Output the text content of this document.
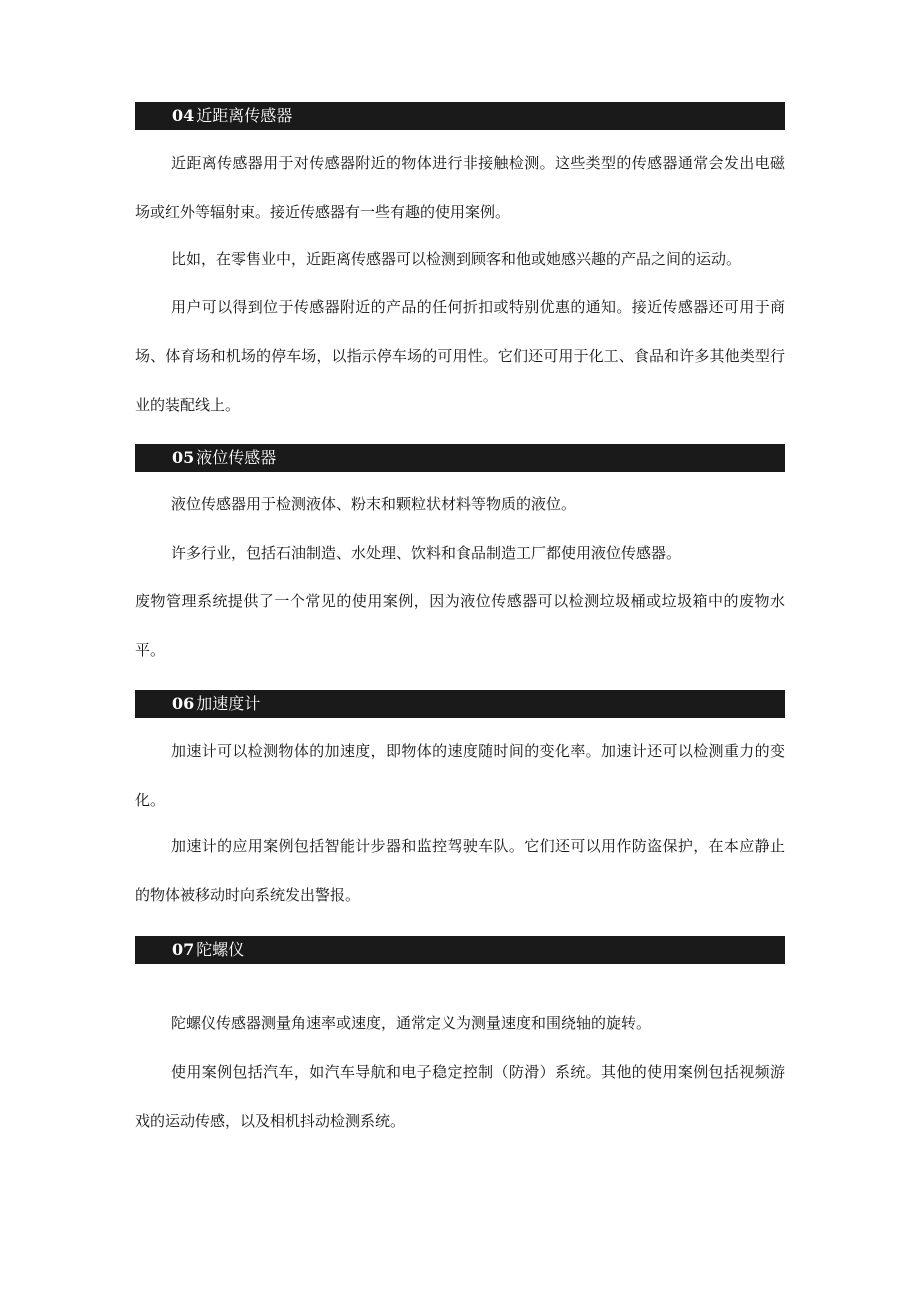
04 近距离传感器

近距离传感器用于对传感器附近的物体进行非接触检测。这些类型的传感器通常会发出电磁场或红外等辐射束。接近传感器有一些有趣的使用案例。

比如，在零售业中，近距离传感器可以检测到顾客和他或她感兴趣的产品之间的运动。

用户可以得到位于传感器附近的产品的任何折扣或特别优惠的通知。接近传感器还可用于商场、体育场和机场的停车场，以指示停车场的可用性。它们还可用于化工、食品和许多其他类型行业的装配线上。

05 液位传感器

液位传感器用于检测液体、粉末和颗粒状材料等物质的液位。

许多行业，包括石油制造、水处理、饮料和食品制造工厂都使用液位传感器。

废物管理系统提供了一个常见的使用案例，因为液位传感器可以检测垃圾桶或垃圾箱中的废物水平。

06 加速度计

加速计可以检测物体的加速度，即物体的速度随时间的变化率。加速计还可以检测重力的变化。

加速计的应用案例包括智能计步器和监控驾驶车队。它们还可以用作防盗保护，在本应静止的物体被移动时向系统发出警报。

07 陀螺仪

陀螺仪传感器测量角速率或速度，通常定义为测量速度和围绕轴的旋转。

使用案例包括汽车，如汽车导航和电子稳定控制（防滑）系统。其他的使用案例包括视频游戏的运动传感，以及相机抖动检测系统。
